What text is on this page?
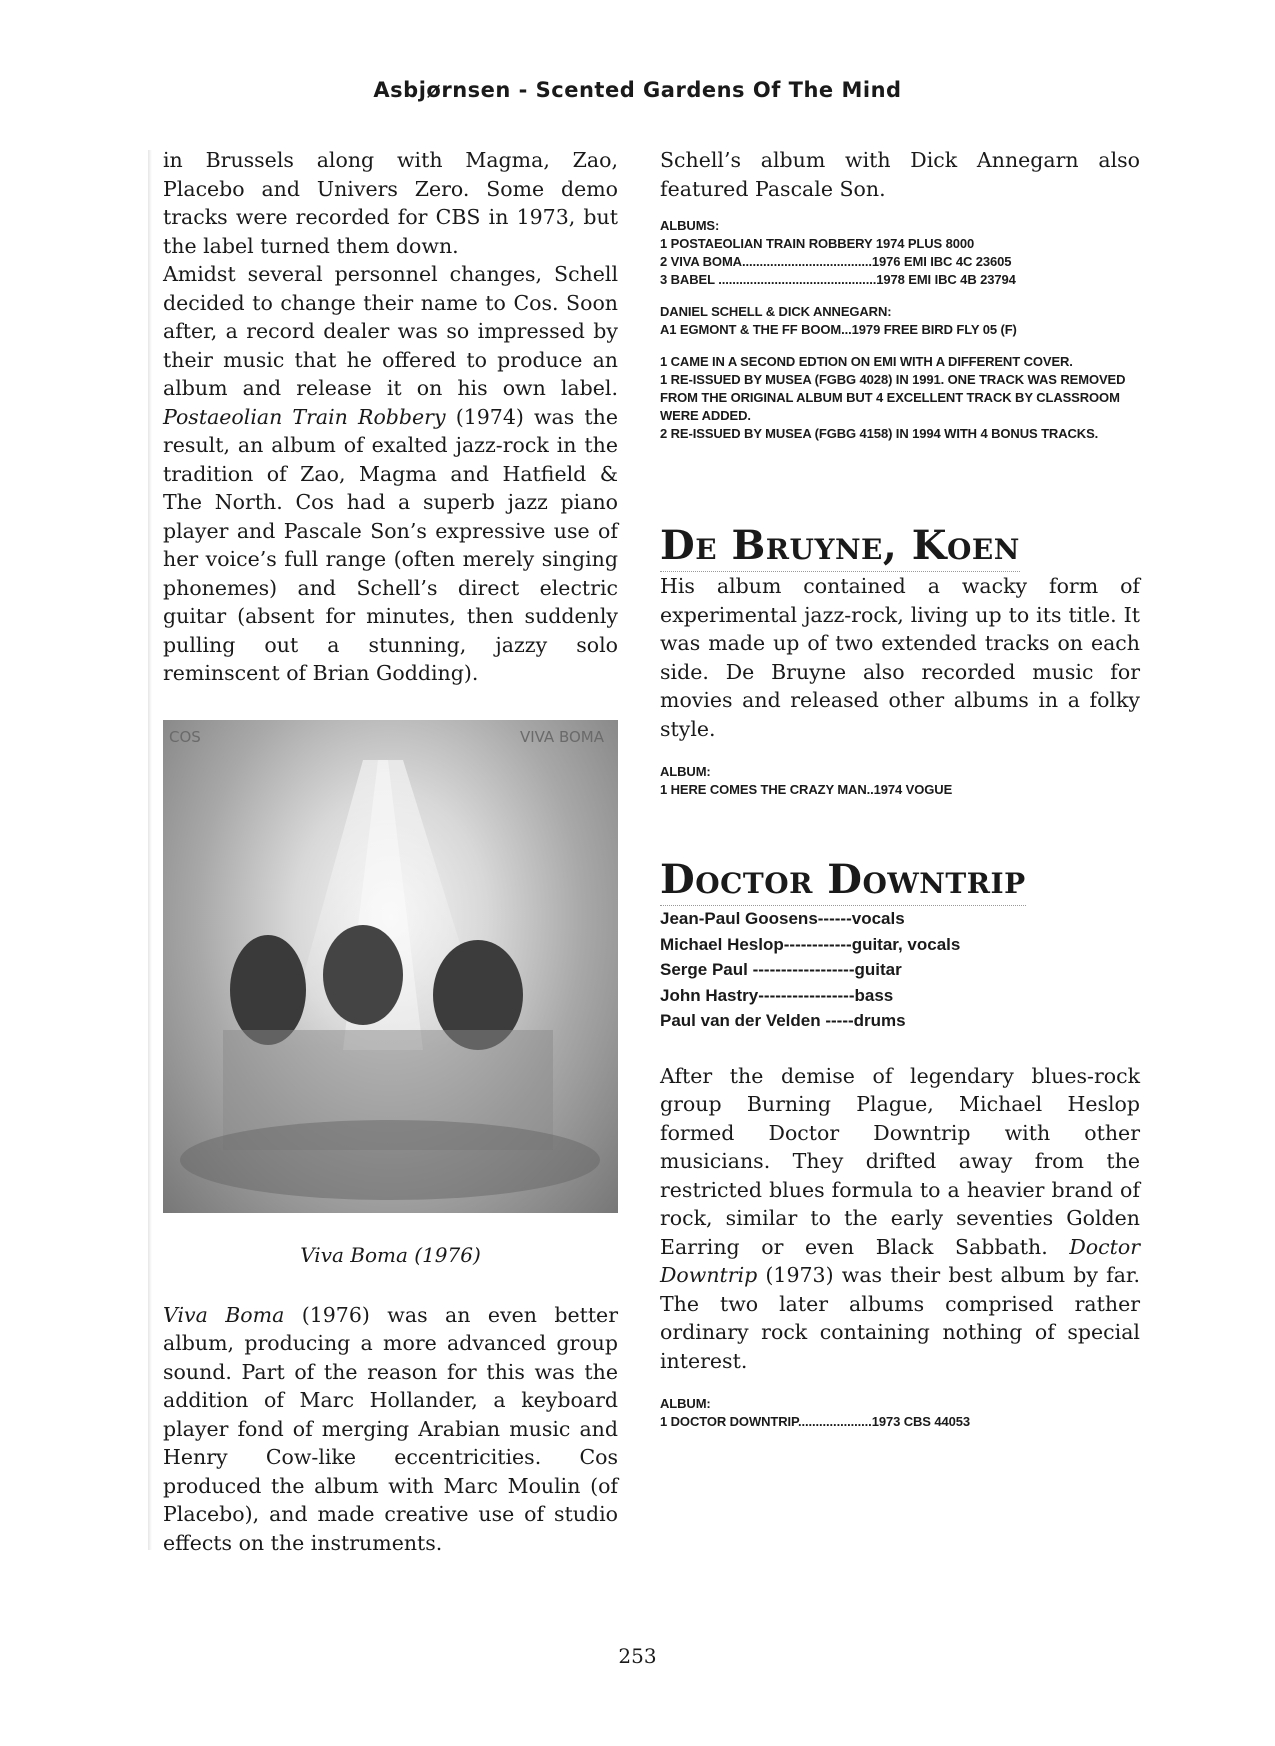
Asbjørnsen - Scented Gardens Of The Mind

in Brussels along with Magma, Zao, Placebo and Univers Zero. Some demo tracks were recorded for CBS in 1973, but the label turned them down.

Amidst several personnel changes, Schell decided to change their name to Cos. Soon after, a record dealer was so impressed by their music that he offered to produce an album and release it on his own label. Postaeolian Train Robbery (1974) was the result, an album of exalted jazz-rock in the tradition of Zao, Magma and Hatfield & The North. Cos had a superb jazz piano player and Pascale Son’s expressive use of her voice’s full range (often merely singing phonemes) and Schell’s direct electric guitar (absent for minutes, then suddenly pulling out a stunning, jazzy solo reminscent of Brian Godding).

COS	VIVA BOMA
Viva Boma (1976)

Viva Boma (1976) was an even better album, producing a more advanced group sound. Part of the reason for this was the addition of Marc Hollander, a keyboard player fond of merging Arabian music and Henry Cow-like eccentricities. Cos produced the album with Marc Moulin (of Placebo), and made creative use of studio effects on the instruments.

Schell’s album with Dick Annegarn also featured Pascale Son.

ALBUMS:

1 POSTAEOLIAN TRAIN ROBBERY 1974 PLUS 8000

2 VIVA BOMA.....................................1976 EMI IBC 4C 23605

3 BABEL .............................................1978 EMI IBC 4B 23794

DANIEL SCHELL & DICK ANNEGARN:

A1 EGMONT & THE FF BOOM...1979 FREE BIRD FLY 05 (F)

1 CAME IN A SECOND EDTION ON EMI WITH A DIFFERENT COVER.

1 RE-ISSUED BY MUSEA (FGBG 4028) IN 1991. ONE TRACK WAS REMOVED FROM THE ORIGINAL ALBUM BUT 4 EXCELLENT TRACK BY CLASSROOM WERE ADDED.

2 RE-ISSUED BY MUSEA (FGBG 4158) IN 1994 WITH 4 BONUS TRACKS.

De Bruyne, Koen

His album contained a wacky form of experimental jazz-rock, living up to its title. It was made up of two extended tracks on each side. De Bruyne also recorded music for movies and released other albums in a folky style.

ALBUM:

1 HERE COMES THE CRAZY MAN..1974 VOGUE

Doctor Downtrip
Jean-Paul Goosens------vocals
Michael Heslop------------guitar, vocals
Serge Paul ------------------guitar
John Hastry-----------------bass
Paul van der Velden -----drums

After the demise of legendary blues-rock group Burning Plague, Michael Heslop formed Doctor Downtrip with other musicians. They drifted away from the restricted blues formula to a heavier brand of rock, similar to the early seventies Golden Earring or even Black Sabbath. Doctor Downtrip (1973) was their best album by far. The two later albums comprised rather ordinary rock containing nothing of special interest.

ALBUM:

1 DOCTOR DOWNTRIP.....................1973 CBS 44053

253
